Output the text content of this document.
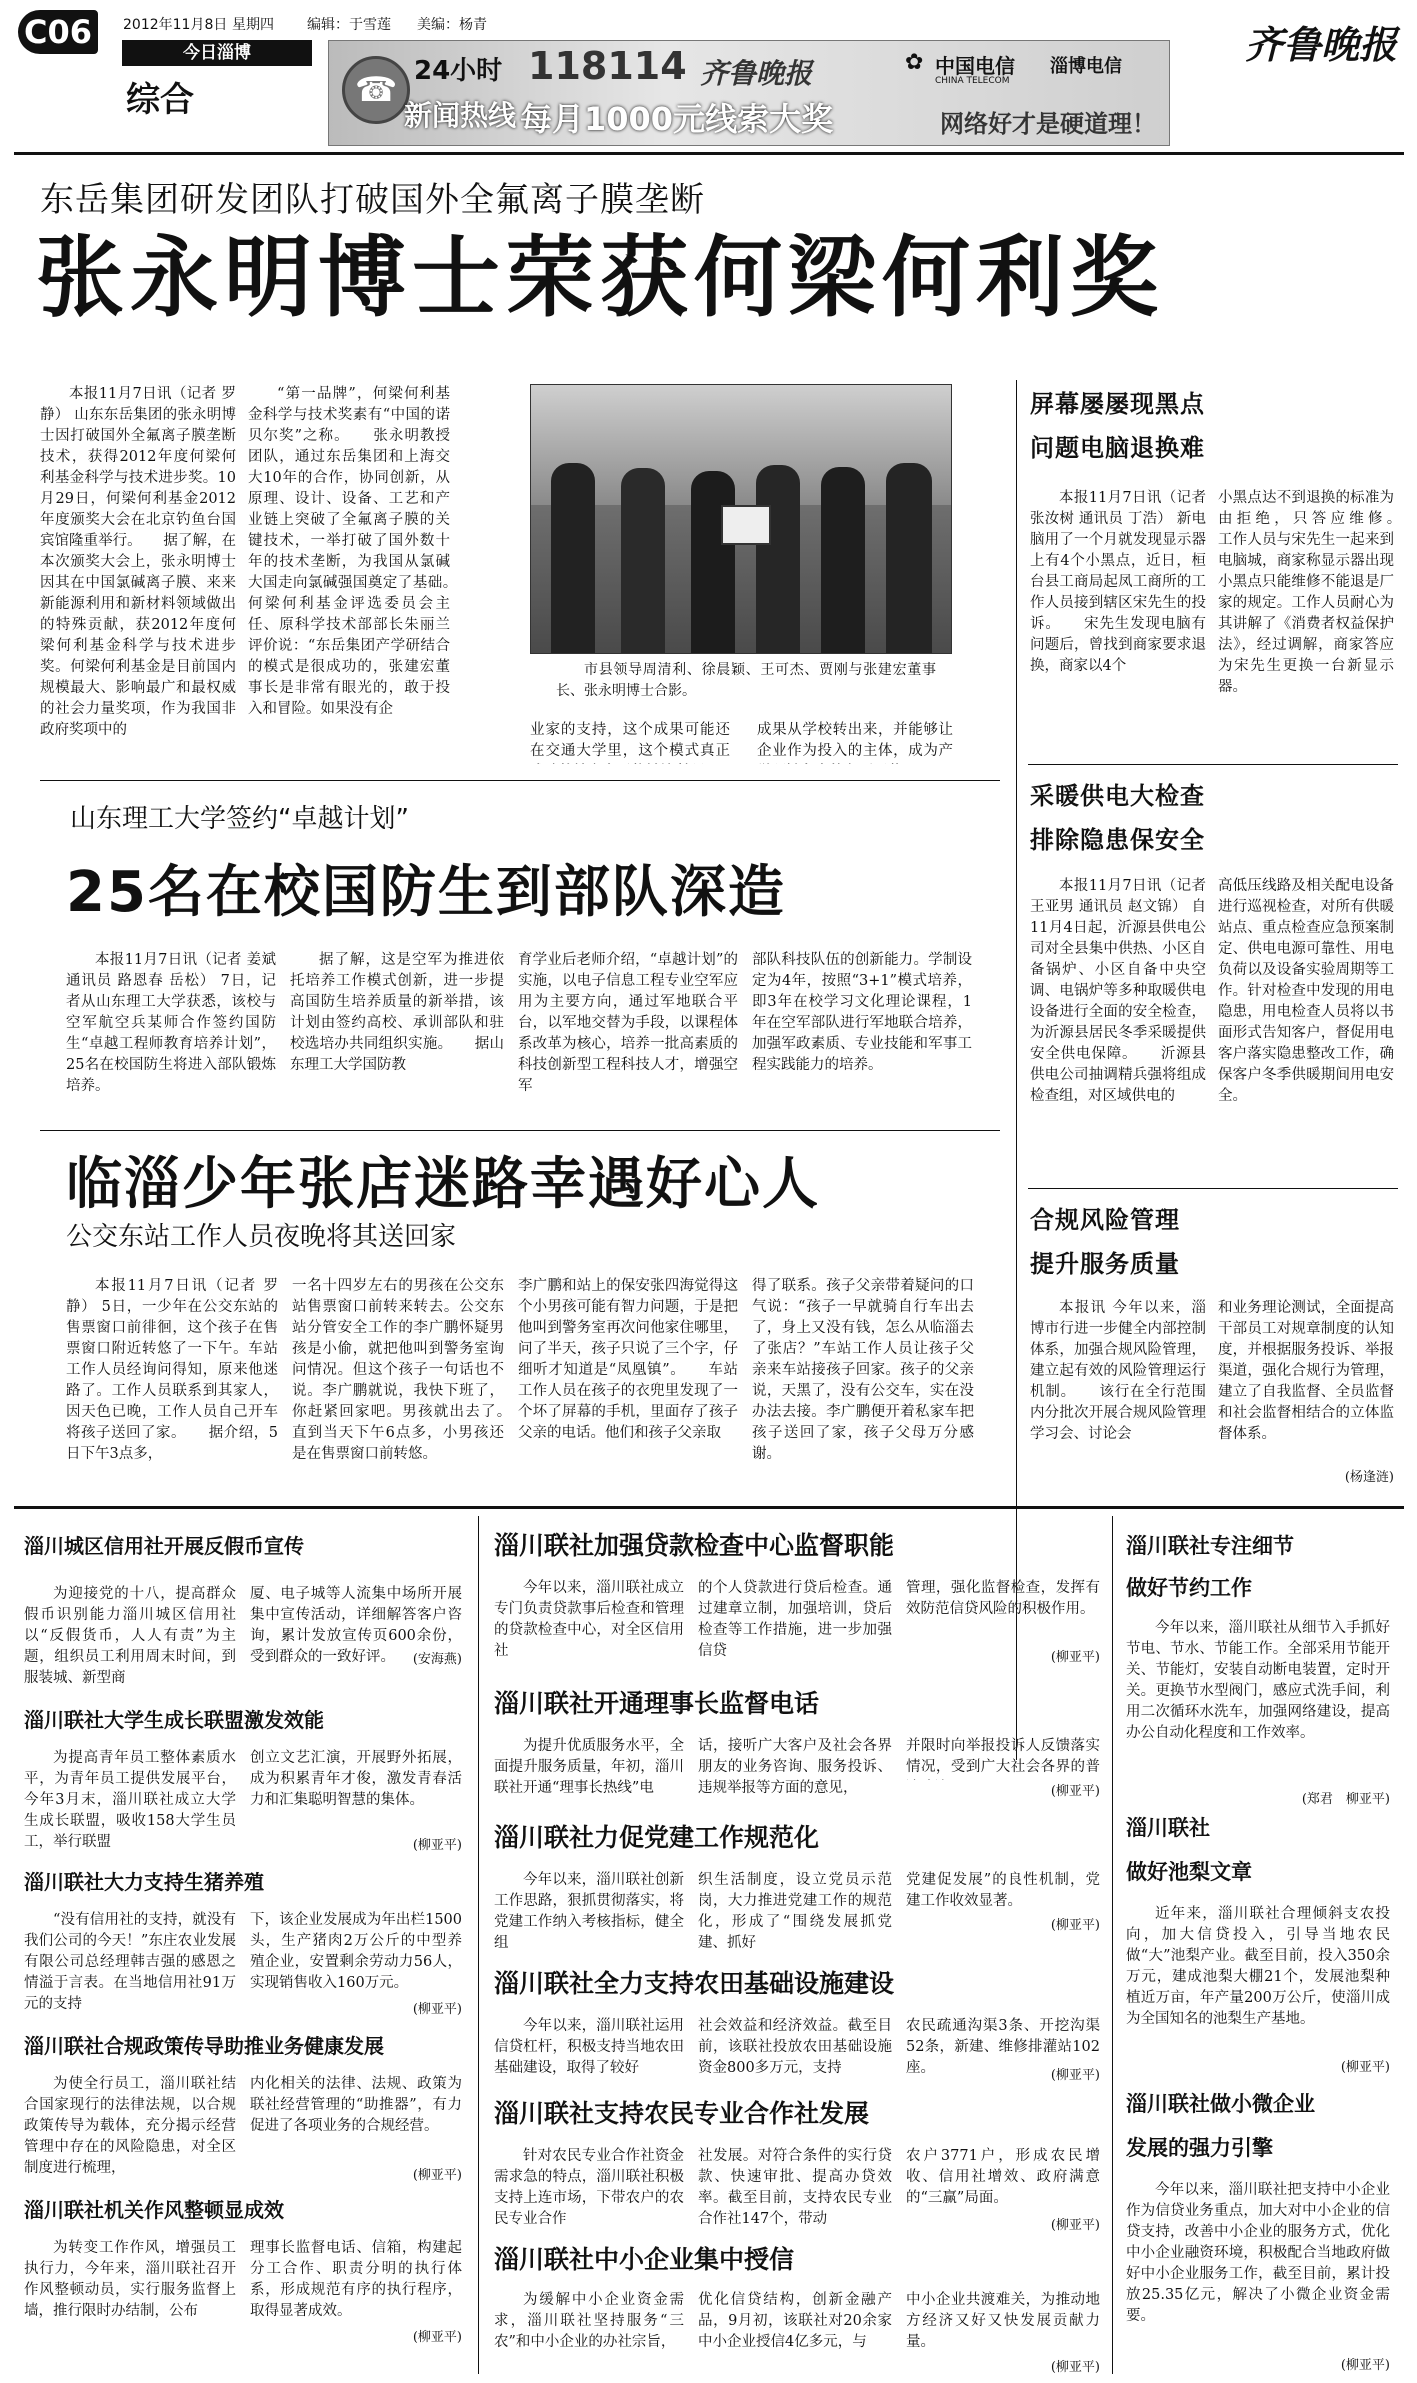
C06	2012年11月8日 星期四 编辑：于雪莲 美编：杨青
今日淄博
综合
齐鲁晚报
☎ 24小时
新闻热线
118114 齐鲁晚报
每月1000元线索大奖
✿ 中国电信
CHINA TELECOM
淄博电信
网络好才是硬道理！
东岳集团研发团队打破国外全氟离子膜垄断
张永明博士荣获何梁何利奖

本报11月7日讯（记者 罗静） 山东东岳集团的张永明博士因打破国外全氟离子膜垄断技术，获得2012年度何梁何利基金科学与技术进步奖。10月29日，何梁何利基金2012年度颁奖大会在北京钓鱼台国宾馆隆重举行。　　据了解，在本次颁奖大会上，张永明博士因其在中国氯碱离子膜、来来新能源利用和新材料领域做出的特殊贡献，获2012年度何梁何利基金科学与技术进步奖。何梁何利基金是目前国内规模最大、影响最广和最权威的社会力量奖项，作为我国非政府奖项中的

“第一品牌”，何梁何利基金科学与技术奖素有“中国的诺贝尔奖”之称。　　张永明教授团队，通过东岳集团和上海交大10年的合作，协同创新，从原理、设计、设备、工艺和产业链上突破了全氟离子膜的关键技术，一举打破了国外数十年的技术垄断，为我国从氯碱大国走向氯碱强国奠定了基础。　　何梁何利基金评选委员会主任、原科学技术部部长朱丽兰评价说：“东岳集团产学研结合的模式是很成功的，张建宏董事长是非常有眼光的，敢于投入和冒险。如果没有企

市县领导周清利、徐晨颖、王可杰、贾刚与张建宏董事长、张永明博士合影。

业家的支持，这个成果可能还在交通大学里，这个模式真正

成果从学校转出来，并能够让企业作为投入的主体，成为产

屏幕屡屡现黑点
问题电脑退换难

本报11月7日讯（记者 张汝树 通讯员 丁浩） 新电脑用了一个月就发现显示器上有4个小黑点，近日，桓台县工商局起凤工商所的工作人员接到辖区宋先生的投诉。　　宋先生发现电脑有问题后，曾找到商家要求退换，商家以4个

小黑点达不到退换的标准为由拒绝，只答应维修。　　工作人员与宋先生一起来到电脑城，商家称显示器出现小黑点只能维修不能退是厂家的规定。工作人员耐心为其讲解了《消费者权益保护法》，经过调解，商家答应为宋先生更换一台新显示器。

采暖供电大检查
排除隐患保安全

本报11月7日讯（记者 王亚男 通讯员 赵文锦） 自11月4日起，沂源县供电公司对全县集中供热、小区自备锅炉、小区自备中央空调、电锅炉等多种取暖供电设备进行全面的安全检查，为沂源县居民冬季采暖提供安全供电保障。　　沂源县供电公司抽调精兵强将组成检查组，对区域供电的

高低压线路及相关配电设备进行巡视检查，对所有供暖站点、重点检查应急预案制定、供电电源可靠性、用电负荷以及设备实验周期等工作。针对检查中发现的用电隐患，用电检查人员将以书面形式告知客户，督促用电客户落实隐患整改工作，确保客户冬季供暖期间用电安全。

合规风险管理
提升服务质量

本报讯 今年以来，淄博市行进一步健全内部控制体系，加强合规风险管理，建立起有效的风险管理运行机制。　　该行在全行范围内分批次开展合规风险管理学习会、讨论会

和业务理论测试，全面提高干部员工对规章制度的认知度，并根据服务投诉、举报渠道，强化合规行为管理，建立了自我监督、全员监督和社会监督相结合的立体监督体系。

(杨逢涟)
山东理工大学签约“卓越计划”
25名在校国防生到部队深造

本报11月7日讯（记者 姜斌 通讯员 路恩春 岳松） 7日，记者从山东理工大学获悉，该校与空军航空兵某师合作签约国防生“卓越工程师教育培养计划”，25名在校国防生将进入部队锻炼培养。

据了解，这是空军为推进依托培养工作模式创新，进一步提高国防生培养质量的新举措，该计划由签约高校、承训部队和驻校选培办共同组织实施。　　据山东理工大学国防教

育学业后老师介绍，“卓越计划”的实施，以电子信息工程专业空军应用为主要方向，通过军地联合平台，以军地交替为手段，以课程体系改革为核心，培养一批高素质的科技创新型工程科技人才，增强空军

部队科技队伍的创新能力。学制设定为4年，按照“3+1”模式培养，即3年在校学习文化理论课程，1年在空军部队进行军地联合培养，加强军政素质、专业技能和军事工程实践能力的培养。

临淄少年张店迷路幸遇好心人
公交东站工作人员夜晚将其送回家

本报11月7日讯（记者 罗静） 5日，一少年在公交东站的售票窗口前徘徊，这个孩子在售票窗口附近转悠了一下午。车站工作人员经询问得知，原来他迷路了。工作人员联系到其家人，因天色已晚，工作人员自己开车将孩子送回了家。　　据介绍，5日下午3点多，

一名十四岁左右的男孩在公交东站售票窗口前转来转去。公交东站分管安全工作的李广鹏怀疑男孩是小偷，就把他叫到警务室询问情况。但这个孩子一句话也不说。李广鹏就说，我快下班了，你赶紧回家吧。男孩就出去了。　　直到当天下午6点多，小男孩还是在售票窗口前转悠。

李广鹏和站上的保安张四海觉得这个小男孩可能有智力问题，于是把他叫到警务室再次问他家住哪里，问了半天，孩子只说了三个字，仔细听才知道是“凤凰镇”。　　车站工作人员在孩子的衣兜里发现了一个坏了屏幕的手机，里面存了孩子父亲的电话。他们和孩子父亲取

得了联系。孩子父亲带着疑问的口气说：“孩子一早就骑自行车出去了，身上又没有钱，怎么从临淄去了张店？”车站工作人员让孩子父亲来车站接孩子回家。孩子的父亲说，天黑了，没有公交车，实在没办法去接。李广鹏便开着私家车把孩子送回了家，孩子父母万分感谢。

淄川城区信用社开展反假币宣传

为迎接党的十八，提高群众假币识别能力淄川城区信用社以“反假货币，人人有责”为主题，组织员工利用周末时间，到服装城、新型商

厦、电子城等人流集中场所开展集中宣传活动，详细解答客户咨询，累计发放宣传页600余份，受到群众的一致好评。	(安海燕)
淄川联社大学生成长联盟激发效能

为提高青年员工整体素质水平，为青年员工提供发展平台，今年3月末，淄川联社成立大学生成长联盟，吸收158大学生员工，举行联盟

创立文艺汇演，开展野外拓展，成为积累青年才俊，激发青春活力和汇集聪明智慧的集体。

(柳亚平)
淄川联社大力支持生猪养殖

“没有信用社的支持，就没有我们公司的今天！”东庄农业发展有限公司总经理韩吉强的感恩之情溢于言表。在当地信用社91万元的支持

下，该企业发展成为年出栏1500头，生产猪肉2万公斤的中型养殖企业，安置剩余劳动力56人，实现销售收入160万元。

(柳亚平)
淄川联社合规政策传导助推业务健康发展

为使全行员工，淄川联社结合国家现行的法律法规，以合规政策传导为载体，充分揭示经营管理中存在的风险隐患，对全区制度进行梳理，

内化相关的法律、法规、政策为联社经营管理的“助推器”，有力促进了各项业务的合规经营。

(柳亚平)
淄川联社机关作风整顿显成效

为转变工作作风，增强员工执行力，今年来，淄川联社召开作风整顿动员，实行服务监督上墙，推行限时办结制，公布

理事长监督电话、信箱，构建起分工合作、职责分明的执行体系，形成规范有序的执行程序，取得显著成效。

(柳亚平)
淄川联社加强贷款检查中心监督职能

今年以来，淄川联社成立专门负责贷款事后检查和管理的贷款检查中心，对全区信用社

的个人贷款进行贷后检查。通过建章立制，加强培训，贷后检查等工作措施，进一步加强信贷

管理，强化监督检查，发挥有效防范信贷风险的积极作用。

(柳亚平)
淄川联社开通理事长监督电话

为提升优质服务水平，全面提升服务质量，年初，淄川联社开通“理事长热线”电

话，接听广大客户及社会各界朋友的业务咨询、服务投诉、违规举报等方面的意见，

并限时向举报投诉人反馈落实情况，受到广大社会各界的普

(柳亚平)
淄川联社力促党建工作规范化

今年以来，淄川联社创新工作思路，狠抓贯彻落实，将党建工作纳入考核指标，健全组

织生活制度，设立党员示范岗，大力推进党建工作的规范化，形成了“围绕发展抓党建、抓好

党建促发展”的良性机制，党建工作收效显著。

(柳亚平)
淄川联社全力支持农田基础设施建设

今年以来，淄川联社运用信贷杠杆，积极支持当地农田基础建设，取得了较好

社会效益和经济效益。截至目前，该联社投放农田基础设施资金800多万元，支持

农民疏通沟渠3条、开挖沟渠52条，新建、维修排灌站102座。	(柳亚平)
淄川联社支持农民专业合作社发展

针对农民专业合作社资金需求急的特点，淄川联社积极支持上连市场，下带农户的农民专业合作

社发展。对符合条件的实行贷款、快速审批、提高办贷效率。截至目前，支持农民专业合作社147个，带动

农户3771户，形成农民增收、信用社增效、政府满意的“三赢”局面。

(柳亚平)
淄川联社中小企业集中授信

为缓解中小企业资金需求，淄川联社坚持服务“三农”和中小企业的办社宗旨，

优化信贷结构，创新金融产品，9月初，该联社对20余家中小企业授信4亿多元，与

中小企业共渡难关，为推动地方经济又好又快发展贡献力量。

(柳亚平)
淄川联社专注细节
做好节约工作

今年以来，淄川联社从细节入手抓好节电、节水、节能工作。全部采用节能开关、节能灯，安装自动断电装置，定时开关。更换节水型阀门，感应式洗手间，利用二次循环水洗车，加强网络建设，提高办公自动化程度和工作效率。

(郑君　柳亚平)
淄川联社
做好池梨文章

近年来，淄川联社合理倾斜支农投向，加大信贷投入，引导当地农民做“大”池梨产业。截至目前，投入350余万元，建成池梨大棚21个，发展池梨种植近万亩，年产量200万公斤，使淄川成为全国知名的池梨生产基地。

(柳亚平)
淄川联社做小微企业
发展的强力引擎

今年以来，淄川联社把支持中小企业作为信贷业务重点，加大对中小企业的信贷支持，改善中小企业的服务方式，优化中小企业融资环境，积极配合当地政府做好中小企业服务工作，截至目前，累计投放25.35亿元，解决了小微企业资金需要。

(柳亚平)
